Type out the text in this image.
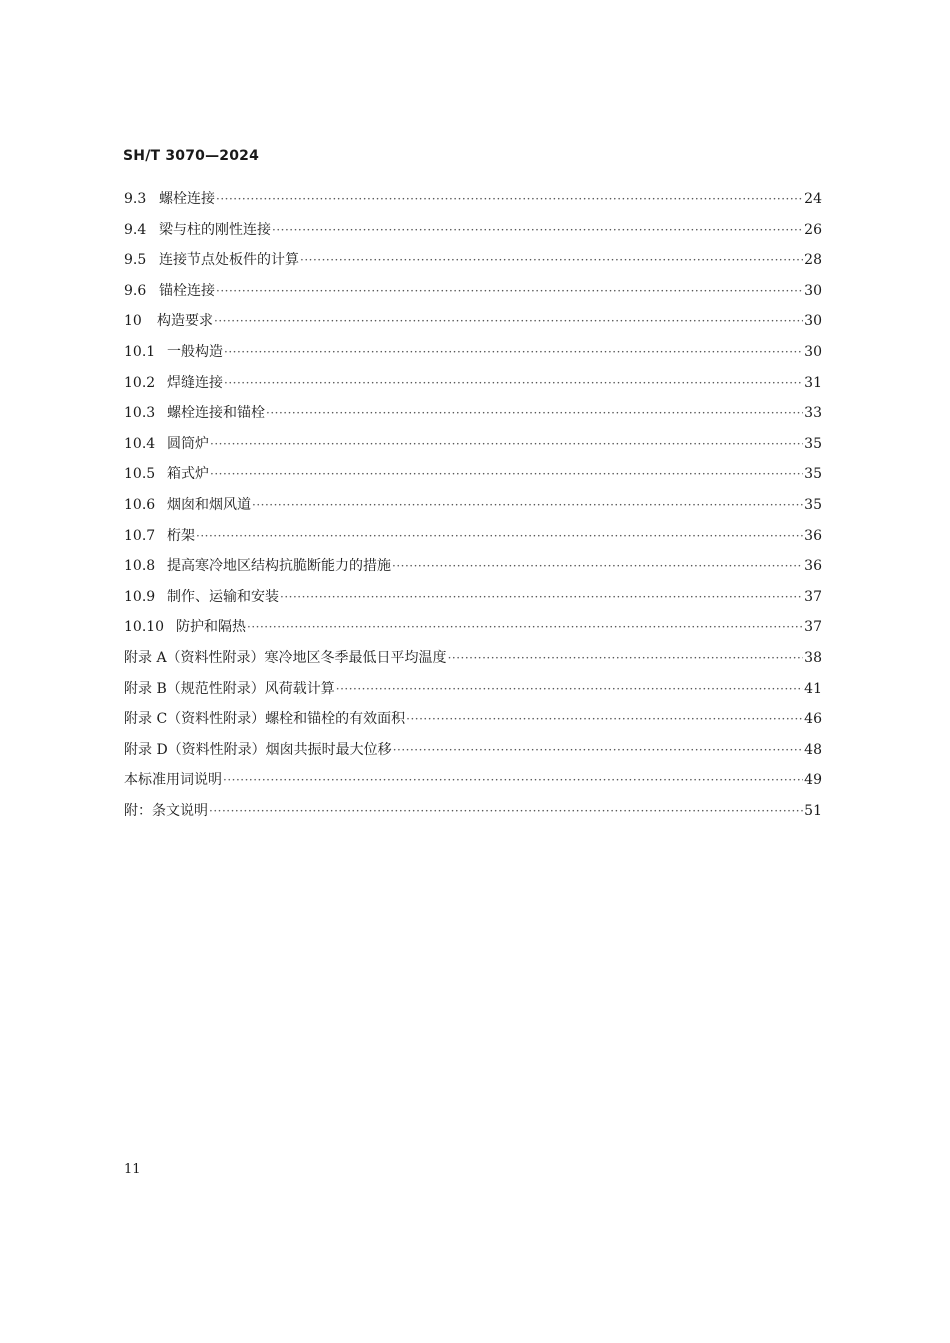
SH/T 3070—2024
9.3 螺栓连接 ·····	24
9.4 梁与柱的刚性连接 ·····	26
9.5 连接节点处板件的计算 ·····	28
9.6 锚栓连接 ·····	30
10	构造要求 ·····	30
10.1 一般构造 ·····	30
10.2 焊缝连接 ·····	31
10.3 螺栓连接和锚栓 ·····	33
10.4 圆筒炉 ·····	35
10.5 箱式炉 ·····	35
10.6 烟囱和烟风道 ·····	35
10.7 桁架 ·····	36
10.8 提高寒冷地区结构抗脆断能力的措施 ·····	36
10.9 制作、运输和安装 ·····	37
10.10 防护和隔热 ·····	37
附录 A（资料性附录）寒冷地区冬季最低日平均温度 ·····	38
附录 B（规范性附录）风荷载计算 ·····	41
附录 C（资料性附录）螺栓和锚栓的有效面积 ·····	46
附录 D（资料性附录）烟囱共振时最大位移 ·····	48
本标准用词说明 ·····	49
附：条文说明 ·····	51
11
